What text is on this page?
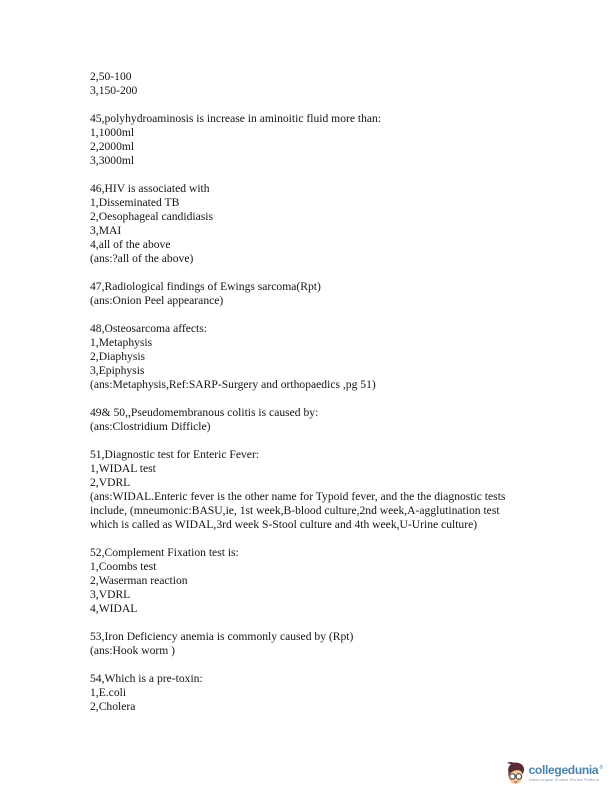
2,50-100
3,150-200
45,polyhydroaminosis is increase in aminoitic fluid more than:
1,1000ml
2,2000ml
3,3000ml
46,HIV is associated with
1,Disseminated TB
2,Oesophageal candidiasis
3,MAI
4,all of the above
(ans:?all of the above)
47,Radiological findings of Ewings sarcoma(Rpt)
(ans:Onion Peel appearance)
48,Osteosarcoma affects:
1,Metaphysis
2,Diaphysis
3,Epiphysis
(ans:Metaphysis,Ref:SARP-Surgery and orthopaedics ,pg 51)
49& 50,,Pseudomembranous colitis is caused by:
(ans:Clostridium Difficle)
51,Diagnostic test for Enteric Fever:
1,WIDAL test
2,VDRL
(ans:WIDAL.Enteric fever is the other name for Typoid fever, and the the diagnostic tests
include, (mneumonic:BASU,ie, 1st week,B-blood culture,2nd week,A-agglutination test
which is called as WIDAL,3rd week S-Stool culture and 4th week,U-Urine culture)
52,Complement Fixation test is:
1,Coombs test
2,Waserman reaction
3,VDRL
4,WIDAL
53,Iron Deficiency anemia is commonly caused by (Rpt)
(ans:Hook worm )
54,Which is a pre-toxin:
1,E.coli
2,Cholera
collegedunia ®
India's largest Student Review Platform
